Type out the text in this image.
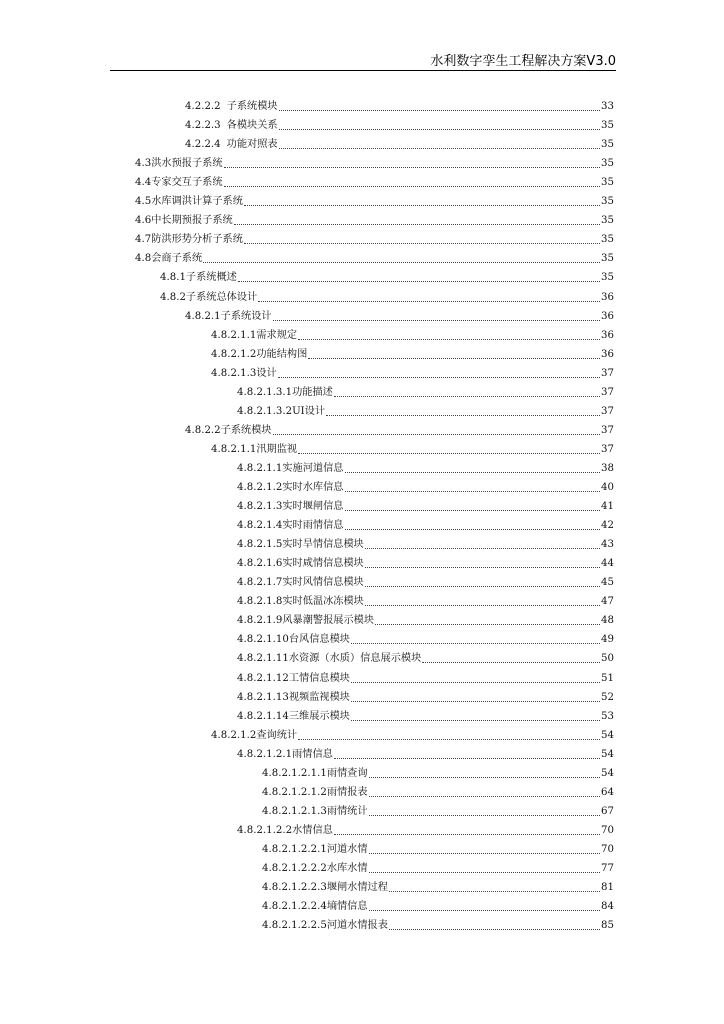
水利数字孪生工程解决方案V3.0
4.2.2.2 子系统模块	33
4.2.2.3 各模块关系	35
4.2.2.4 功能对照表	35
4.3 洪水预报子系统	35
4.4 专家交互子系统	35
4.5 水库调洪计算子系统	35
4.6 中长期预报子系统	35
4.7 防洪形势分析子系统	35
4.8 会商子系统	35
4.8.1 子系统概述	35
4.8.2 子系统总体设计	36
4.8.2.1 子系统设计	36
4.8.2.1.1 需求规定	36
4.8.2.1.2 功能结构图	36
4.8.2.1.3 设计	37
4.8.2.1.3.1 功能描述	37
4.8.2.1.3.2 UI设计	37
4.8.2.2 子系统模块	37
4.8.2.1.1 汛期监视	37
4.8.2.1.1 实施河道信息	38
4.8.2.1.2 实时水库信息	40
4.8.2.1.3 实时堰闸信息	41
4.8.2.1.4 实时雨情信息	42
4.8.2.1.5 实时旱情信息模块	43
4.8.2.1.6 实时咸情信息模块	44
4.8.2.1.7 实时风情信息模块	45
4.8.2.1.8 实时低温冰冻模块	47
4.8.2.1.9 风暴潮警报展示模块	48
4.8.2.1.10 台风信息模块	49
4.8.2.1.11 水资源（水质）信息展示模块	50
4.8.2.1.12 工情信息模块	51
4.8.2.1.13 视频监视模块	52
4.8.2.1.14 三维展示模块	53
4.8.2.1.2 查询统计	54
4.8.2.1.2.1 雨情信息	54
4.8.2.1.2.1.1 雨情查询	54
4.8.2.1.2.1.2 雨情报表	64
4.8.2.1.2.1.3 雨情统计	67
4.8.2.1.2.2 水情信息	70
4.8.2.1.2.2.1 河道水情	70
4.8.2.1.2.2.2 水库水情	77
4.8.2.1.2.2.3 堰闸水情过程	81
4.8.2.1.2.2.4 墒情信息	84
4.8.2.1.2.2.5 河道水情报表	85
